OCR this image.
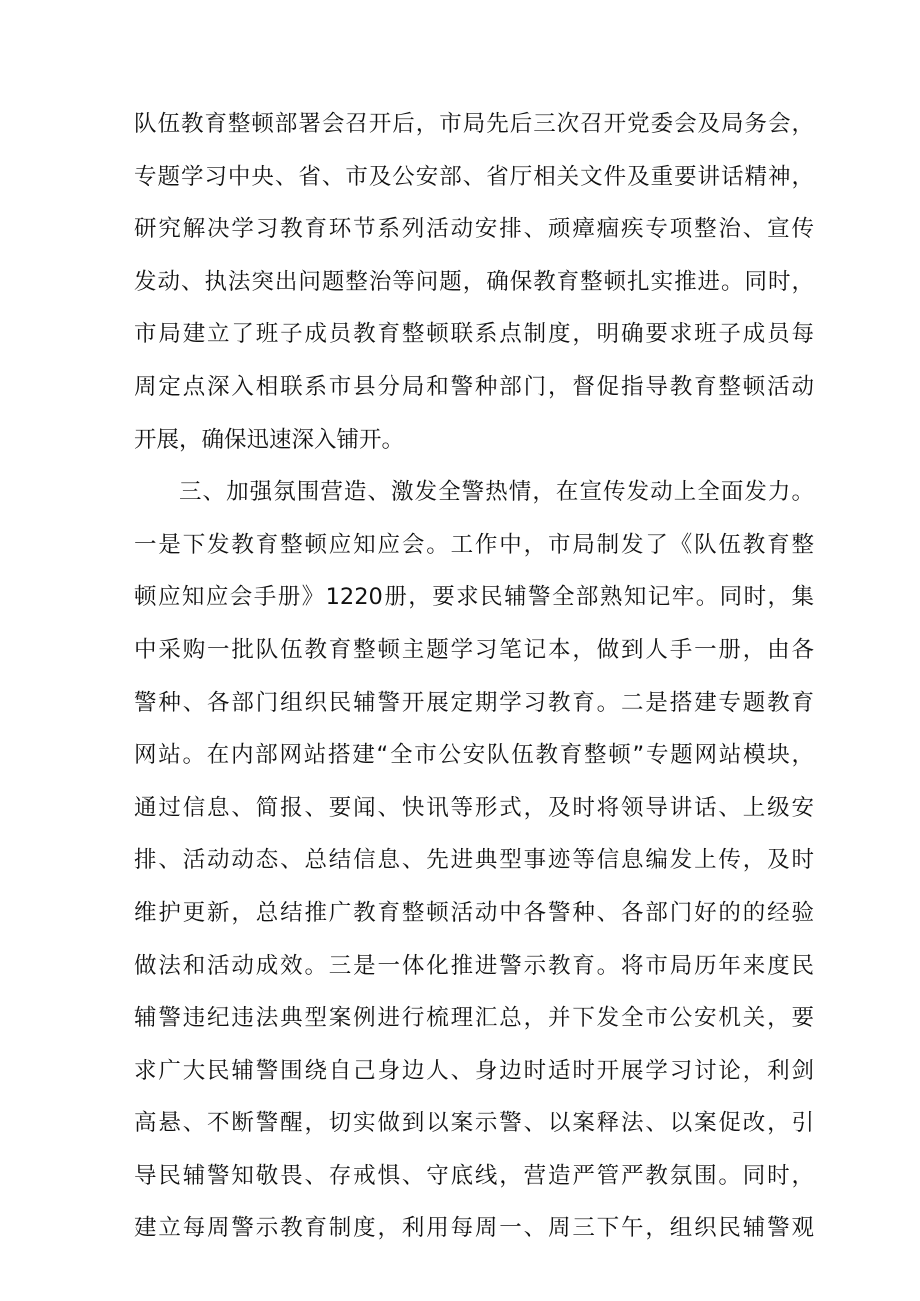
队伍教育整顿部署会召开后，市局先后三次召开党委会及局务会，
专题学习中央、省、市及公安部、省厅相关文件及重要讲话精神，
研究解决学习教育环节系列活动安排、顽瘴痼疾专项整治、宣传
发动、执法突出问题整治等问题，确保教育整顿扎实推进。同时，
市局建立了班子成员教育整顿联系点制度，明确要求班子成员每
周定点深入相联系市县分局和警种部门，督促指导教育整顿活动
开展，确保迅速深入铺开。
三、加强氛围营造、激发全警热情，在宣传发动上全面发力。
一是下发教育整顿应知应会。工作中，市局制发了《队伍教育整
顿应知应会手册》1220册，要求民辅警全部熟知记牢。同时，集
中采购一批队伍教育整顿主题学习笔记本，做到人手一册，由各
警种、各部门组织民辅警开展定期学习教育。二是搭建专题教育
网站。在内部网站搭建“全市公安队伍教育整顿”专题网站模块，
通过信息、简报、要闻、快讯等形式，及时将领导讲话、上级安
排、活动动态、总结信息、先进典型事迹等信息编发上传，及时
维护更新，总结推广教育整顿活动中各警种、各部门好的的经验
做法和活动成效。三是一体化推进警示教育。将市局历年来度民
辅警违纪违法典型案例进行梳理汇总，并下发全市公安机关，要
求广大民辅警围绕自己身边人、身边时适时开展学习讨论，利剑
高悬、不断警醒，切实做到以案示警、以案释法、以案促改，引
导民辅警知敬畏、存戒惧、守底线，营造严管严教氛围。同时，
建立每周警示教育制度，利用每周一、周三下午，组织民辅警观
